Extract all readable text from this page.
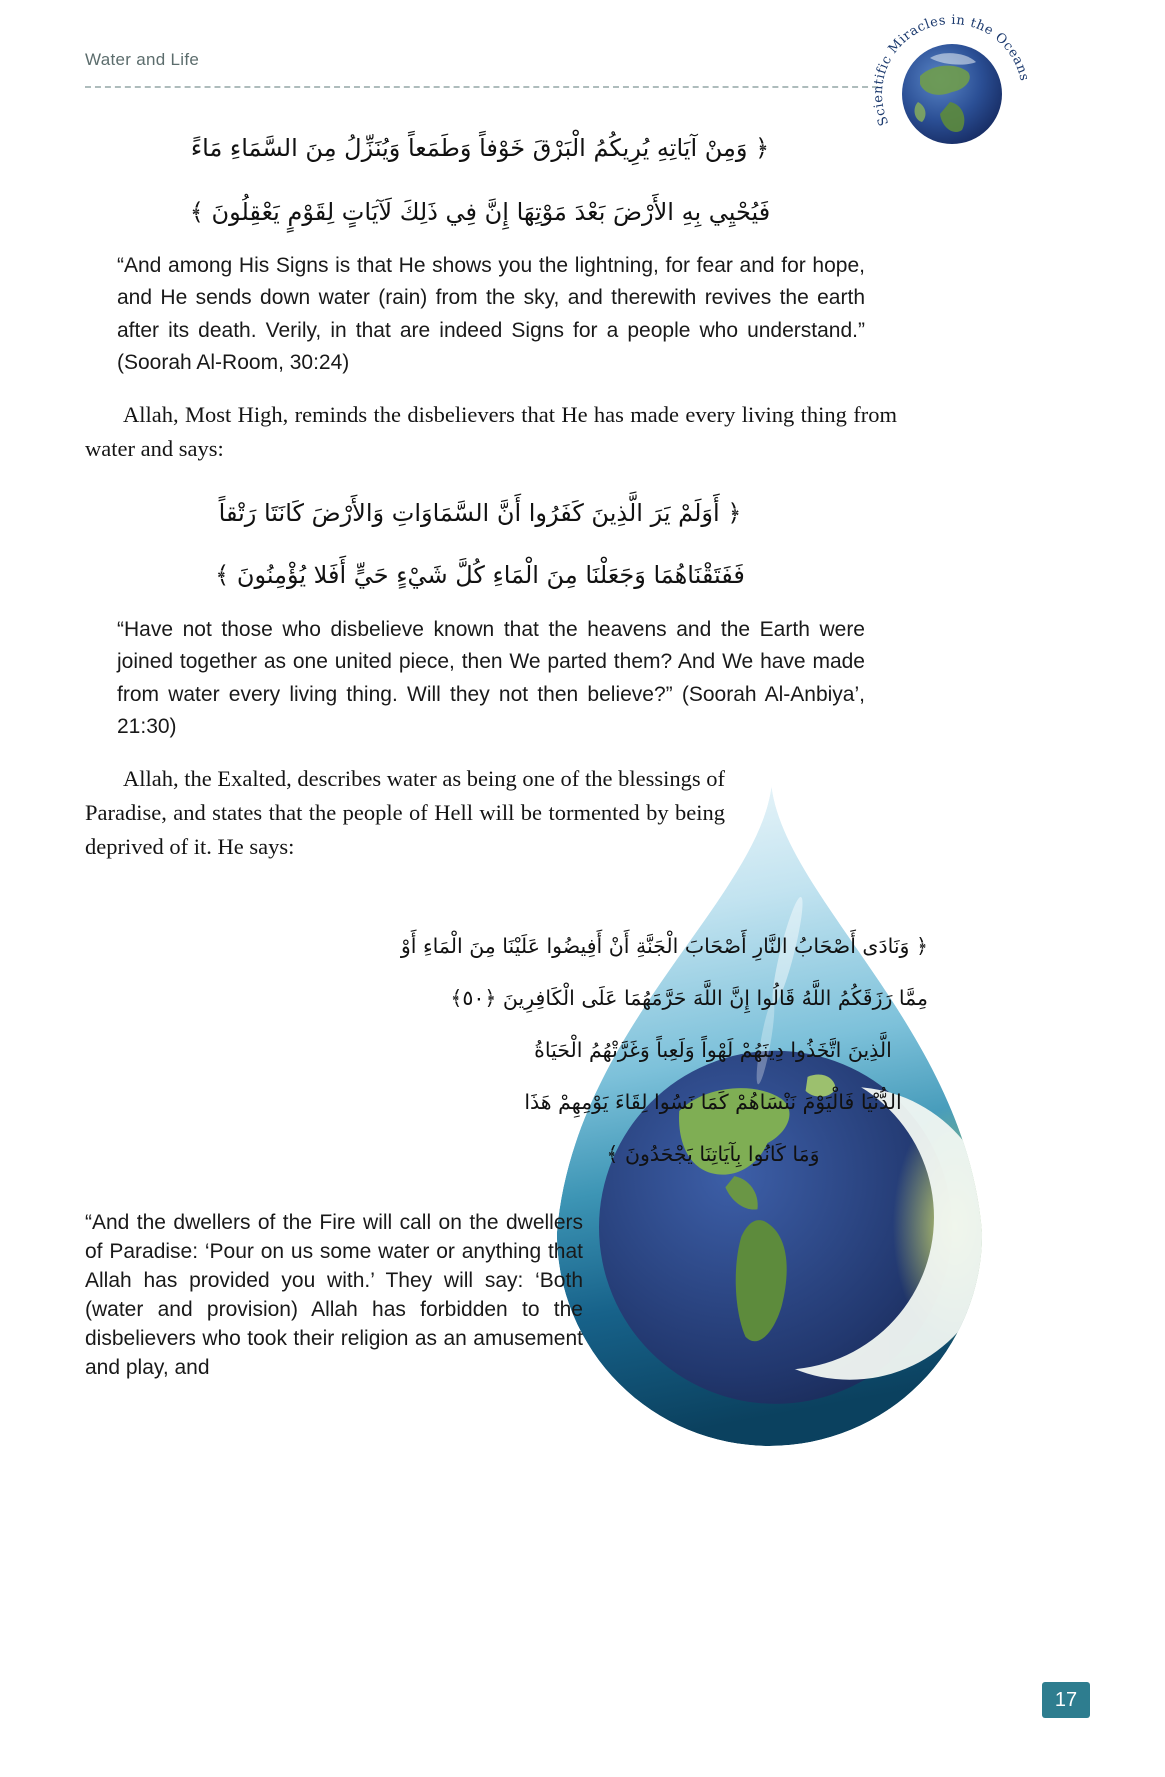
Water and Life
Scientific Miracles in the Oceans
﴿ وَمِنْ آيَاتِهِ يُرِيكُمُ الْبَرْقَ خَوْفاً وَطَمَعاً وَيُنَزِّلُ مِنَ السَّمَاءِ مَاءً
فَيُحْيِي بِهِ الأَرْضَ بَعْدَ مَوْتِهَا إِنَّ فِي ذَلِكَ لَآيَاتٍ لِقَوْمٍ يَعْقِلُونَ ﴾
“And among His Signs is that He shows you the lightning, for fear and for hope, and He sends down water (rain) from the sky, and therewith revives the earth after its death. Verily, in that are indeed Signs for a people who understand.” (Soorah Al-Room, 30:24)
Allah, Most High, reminds the disbelievers that He has made every living thing from water and says:
﴿ أَوَلَمْ يَرَ الَّذِينَ كَفَرُوا أَنَّ السَّمَاوَاتِ وَالأَرْضَ كَانَتَا رَتْقاً
فَفَتَقْنَاهُمَا وَجَعَلْنَا مِنَ الْمَاءِ كُلَّ شَيْءٍ حَيٍّ أَفَلا يُؤْمِنُونَ ﴾
“Have not those who disbelieve known that the heavens and the Earth were joined together as one united piece, then We parted them? And We have made from water every living thing. Will they not then believe?” (Soorah Al-Anbiya’, 21:30)
Allah, the Exalted, describes water as being one of the blessings of Paradise, and states that the people of Hell will be tormented by being deprived of it. He says:
﴿ وَنَادَى أَصْحَابُ النَّارِ أَصْحَابَ الْجَنَّةِ أَنْ أَفِيضُوا عَلَيْنَا مِنَ الْمَاءِ أَوْ
مِمَّا رَزَقَكُمُ اللَّهُ قَالُوا إِنَّ اللَّهَ حَرَّمَهُمَا عَلَى الْكَافِرِينَ ﴿٥٠﴾
الَّذِينَ اتَّخَذُوا دِينَهُمْ لَهْواً وَلَعِباً وَغَرَّتْهُمُ الْحَيَاةُ
الدُّنْيَا فَالْيَوْمَ نَنْسَاهُمْ كَمَا نَسُوا لِقَاءَ يَوْمِهِمْ هَذَا
وَمَا كَانُوا بِآيَاتِنَا يَجْحَدُونَ ﴾
“And the dwellers of the Fire will call on the dwellers of Paradise: ‘Pour on us some water or anything that Allah has provided you with.’ They will say: ‘Both (water and provision) Allah has forbidden to the disbelievers who took their religion as an amusement and play, and
17
